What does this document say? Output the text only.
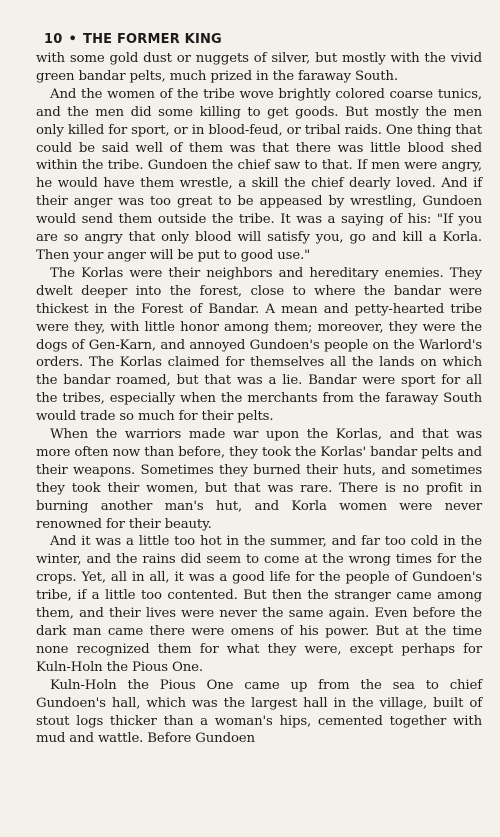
10 • THE FORMER KING

with some gold dust or nuggets of silver, but mostly with the vivid green bandar pelts, much prized in the faraway South.

And the women of the tribe wove brightly colored coarse tunics, and the men did some killing to get goods. But mostly the men only killed for sport, or in blood-feud, or tribal raids. One thing that could be said well of them was that there was little blood shed within the tribe. Gundoen the chief saw to that. If men were angry, he would have them wrestle, a skill the chief dearly loved. And if their anger was too great to be appeased by wrestling, Gundoen would send them outside the tribe. It was a saying of his: "If you are so angry that only blood will satisfy you, go and kill a Korla. Then your anger will be put to good use."

The Korlas were their neighbors and hereditary enemies. They dwelt deeper into the forest, close to where the bandar were thickest in the Forest of Bandar. A mean and petty-hearted tribe were they, with little honor among them; moreover, they were the dogs of Gen-Karn, and annoyed Gundoen's people on the Warlord's orders. The Korlas claimed for themselves all the lands on which the bandar roamed, but that was a lie. Bandar were sport for all the tribes, especially when the merchants from the faraway South would trade so much for their pelts.

When the warriors made war upon the Korlas, and that was more often now than before, they took the Korlas' bandar pelts and their weapons. Sometimes they burned their huts, and sometimes they took their women, but that was rare. There is no profit in burning another man's hut, and Korla women were never renowned for their beauty.

And it was a little too hot in the summer, and far too cold in the winter, and the rains did seem to come at the wrong times for the crops. Yet, all in all, it was a good life for the people of Gundoen's tribe, if a little too contented. But then the stranger came among them, and their lives were never the same again. Even before the dark man came there were omens of his power. But at the time none recognized them for what they were, except perhaps for Kuln-Holn the Pious One.

Kuln-Holn the Pious One came up from the sea to chief Gundoen's hall, which was the largest hall in the village, built of stout logs thicker than a woman's hips, cemented together with mud and wattle. Before Gundoen
